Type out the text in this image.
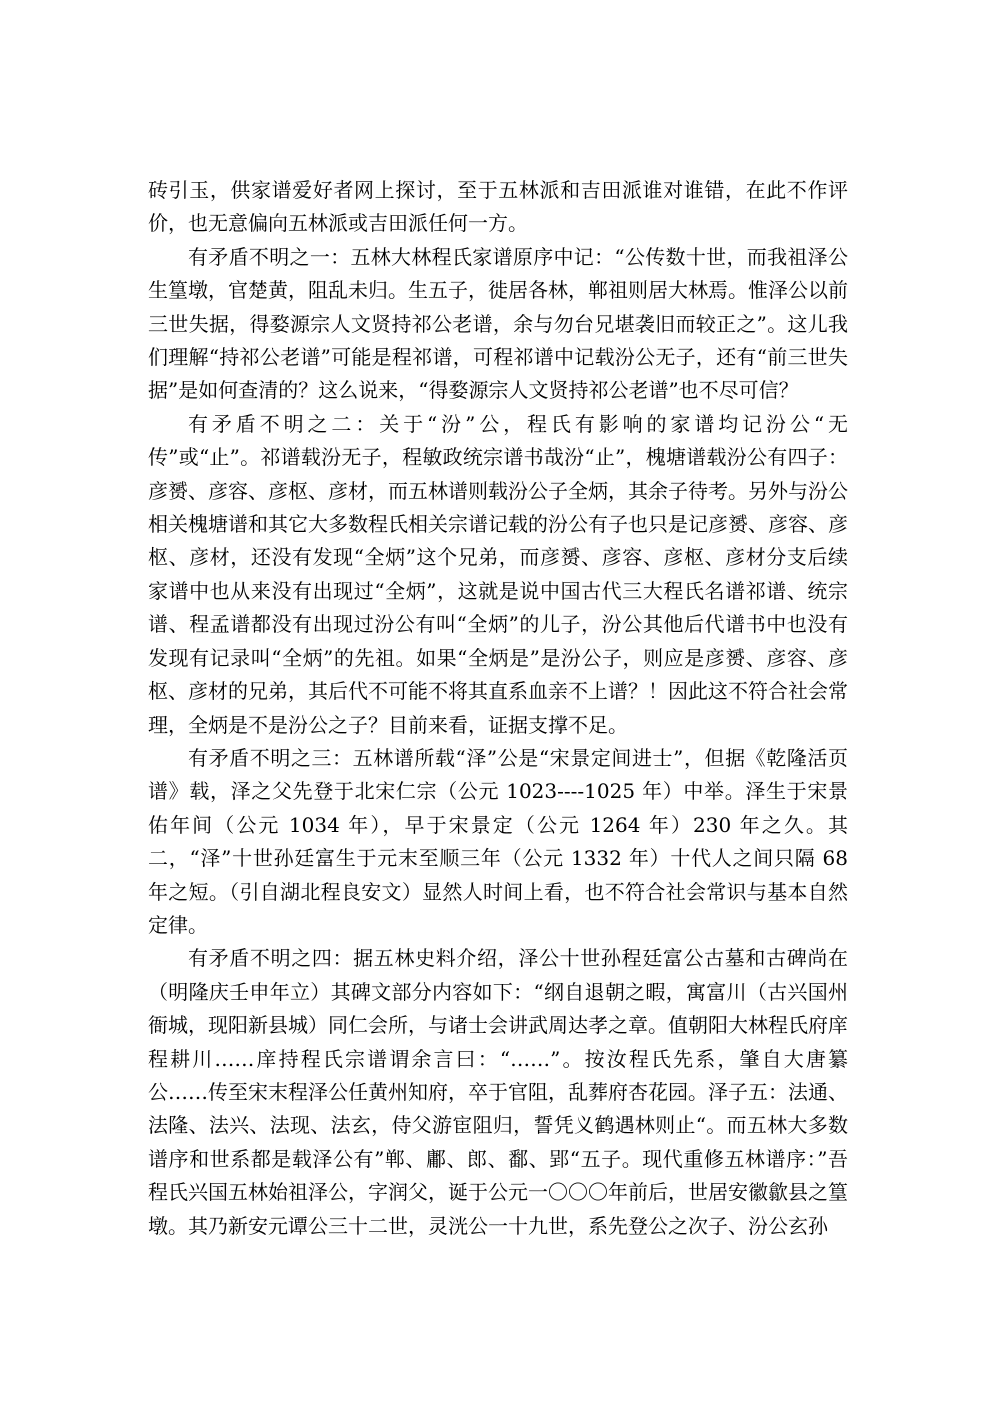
砖引玉，供家谱爱好者网上探讨，至于五林派和吉田派谁对谁错，在此不作评价，也无意偏向五林派或吉田派任何一方。

有矛盾不明之一：五林大林程氏家谱原序中记：“公传数十世，而我祖泽公生篁墩，官楚黄，阻乱未归。生五子，徙居各林，郸祖则居大林焉。惟泽公以前三世失据，得婺源宗人文贤持祁公老谱，余与勿台兄堪袭旧而较正之”。这儿我们理解“持祁公老谱”可能是程祁谱，可程祁谱中记载汾公无子，还有“前三世失据”是如何查清的？这么说来，“得婺源宗人文贤持祁公老谱”也不尽可信？

有矛盾不明之二：关于“汾”公，程氏有影响的家谱均记汾公“无传”或“止”。祁谱载汾无子，程敏政统宗谱书哉汾“止”，槐塘谱载汾公有四子：彦赟、彦容、彦枢、彦材，而五林谱则载汾公子全炳，其余子待考。另外与汾公相关槐塘谱和其它大多数程氏相关宗谱记载的汾公有子也只是记彦赟、彦容、彦枢、彦材，还没有发现“全炳”这个兄弟，而彦赟、彦容、彦枢、彦材分支后续家谱中也从来没有出现过“全炳”，这就是说中国古代三大程氏名谱祁谱、统宗谱、程孟谱都没有出现过汾公有叫“全炳”的儿子，汾公其他后代谱书中也没有发现有记录叫“全炳”的先祖。如果“全炳是”是汾公子，则应是彦赟、彦容、彦枢、彦材的兄弟，其后代不可能不将其直系血亲不上谱？！因此这不符合社会常理，全炳是不是汾公之子？目前来看，证据支撑不足。

有矛盾不明之三：五林谱所载“泽”公是“宋景定间进士”，但据《乾隆活页谱》载，泽之父先登于北宋仁宗（公元 1023----1025 年）中举。泽生于宋景佑年间（公元 1034 年），早于宋景定（公元 1264 年）230 年之久。其二，“泽”十世孙廷富生于元末至顺三年（公元 1332 年）十代人之间只隔 68 年之短。（引自湖北程良安文）显然人时间上看，也不符合社会常识与基本自然定律。

有矛盾不明之四：据五林史料介绍，泽公十世孙程廷富公古墓和古碑尚在（明隆庆壬申年立）其碑文部分内容如下：“纲自退朝之暇，寓富川（古兴国州衙城，现阳新县城）同仁会所，与诸士会讲武周达孝之章。值朝阳大林程氏府庠程耕川……庠持程氏宗谱谓余言曰：“……”。按汝程氏先系，肇自大唐纂公……传至宋末程泽公任黄州知府，卒于官阻，乱葬府杏花园。泽子五：法通、法隆、法兴、法现、法玄，侍父游宦阻归，誓凭义鹤遇林则止“。而五林大多数谱序和世系都是载泽公有”郸、鄘、郎、鄱、郢“五子。现代重修五林谱序：”吾程氏兴国五林始祖泽公，字润父，诞于公元一〇〇〇年前后，世居安徽歙县之篁墩。其乃新安元谭公三十二世，灵洸公一十九世，系先登公之次子、汾公玄孙
